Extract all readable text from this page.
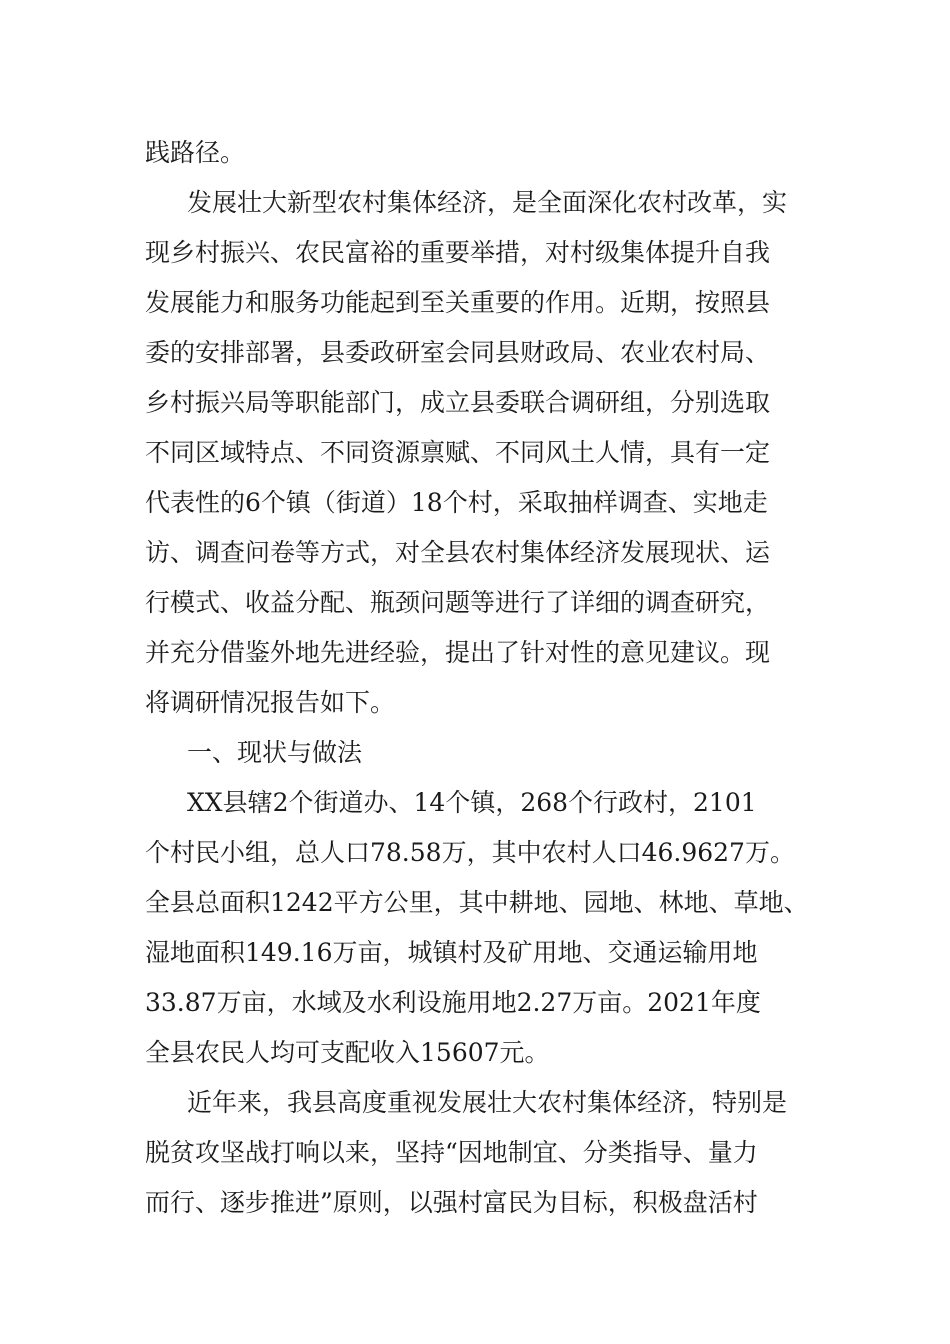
践路径。
发展壮大新型农村集体经济，是全面深化农村改革，实
现乡村振兴、农民富裕的重要举措，对村级集体提升自我
发展能力和服务功能起到至关重要的作用。近期，按照县
委的安排部署，县委政研室会同县财政局、农业农村局、
乡村振兴局等职能部门，成立县委联合调研组，分别选取
不同区域特点、不同资源禀赋、不同风土人情，具有一定
代表性的6个镇（街道）18个村，采取抽样调查、实地走
访、调查问卷等方式，对全县农村集体经济发展现状、运
行模式、收益分配、瓶颈问题等进行了详细的调查研究，
并充分借鉴外地先进经验，提出了针对性的意见建议。现
将调研情况报告如下。
一、现状与做法
XX县辖2个街道办、14个镇，268个行政村，2101
个村民小组，总人口78.58万，其中农村人口46.9627万。
全县总面积1242平方公里，其中耕地、园地、林地、草地、
湿地面积149.16万亩，城镇村及矿用地、交通运输用地
33.87万亩，水域及水利设施用地2.27万亩。2021年度
全县农民人均可支配收入15607元。
近年来，我县高度重视发展壮大农村集体经济，特别是
脱贫攻坚战打响以来，坚持“因地制宜、分类指导、量力
而行、逐步推进”原则，以强村富民为目标，积极盘活村
